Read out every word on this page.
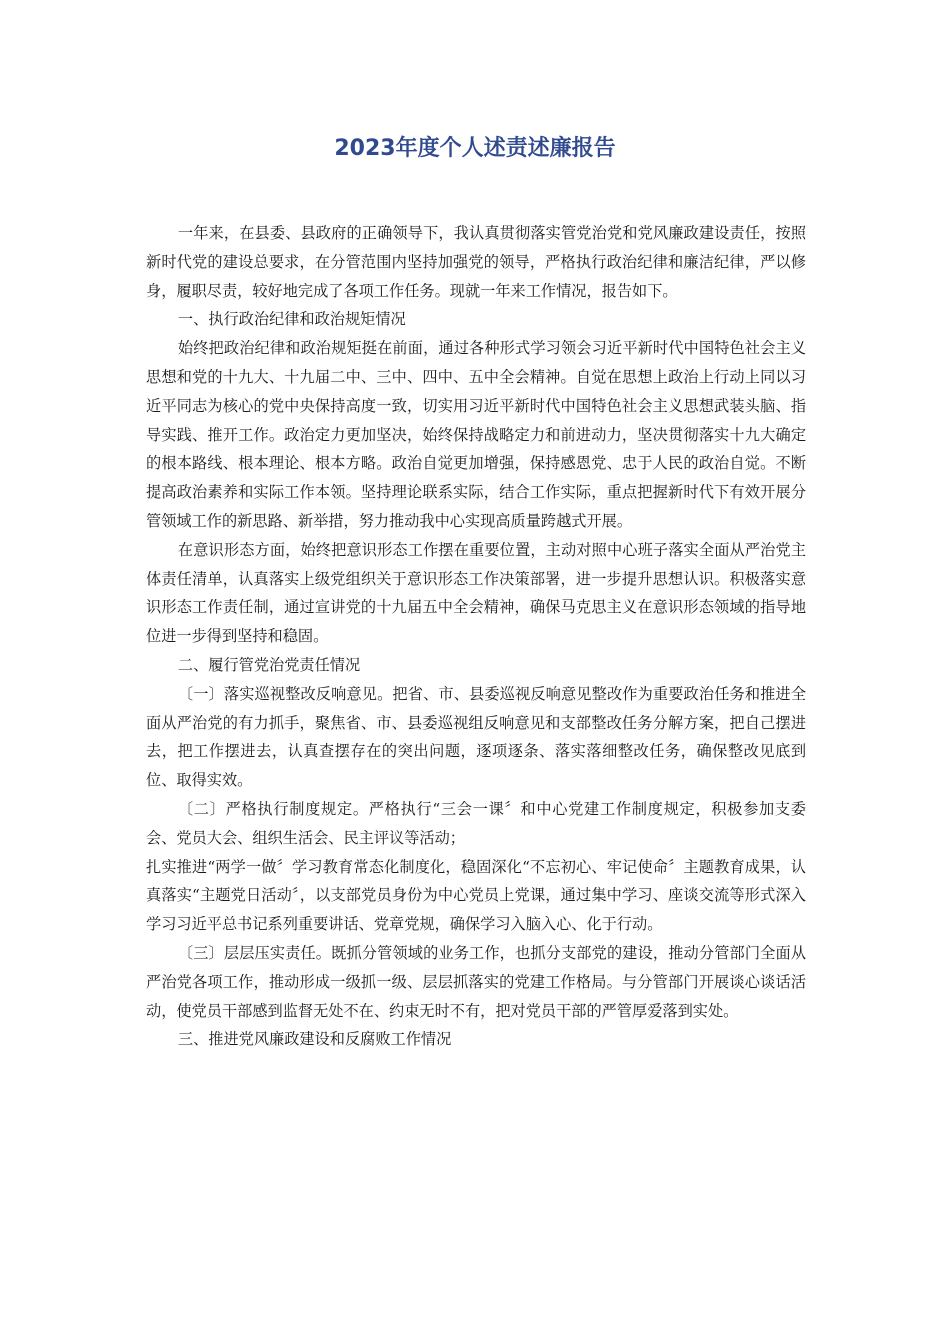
2023年度个人述责述廉报告

一年来，在县委、县政府的正确领导下，我认真贯彻落实管党治党和党风廉政建设责任，按照新时代党的建设总要求，在分管范围内坚持加强党的领导，严格执行政治纪律和廉洁纪律，严以修身，履职尽责，较好地完成了各项工作任务。现就一年来工作情况，报告如下。

一、执行政治纪律和政治规矩情况

始终把政治纪律和政治规矩挺在前面，通过各种形式学习领会习近平新时代中国特色社会主义思想和党的十九大、十九届二中、三中、四中、五中全会精神。自觉在思想上政治上行动上同以习近平同志为核心的党中央保持高度一致，切实用习近平新时代中国特色社会主义思想武装头脑、指导实践、推开工作。政治定力更加坚决，始终保持战略定力和前进动力，坚决贯彻落实十九大确定的根本路线、根本理论、根本方略。政治自觉更加增强，保持感恩党、忠于人民的政治自觉。不断提高政治素养和实际工作本领。坚持理论联系实际，结合工作实际，重点把握新时代下有效开展分管领域工作的新思路、新举措，努力推动我中心实现高质量跨越式开展。

在意识形态方面，始终把意识形态工作摆在重要位置，主动对照中心班子落实全面从严治党主体责任清单，认真落实上级党组织关于意识形态工作决策部署，进一步提升思想认识。积极落实意识形态工作责任制，通过宣讲党的十九届五中全会精神，确保马克思主义在意识形态领域的指导地位进一步得到坚持和稳固。

二、履行管党治党责任情况

〔一〕落实巡视整改反响意见。把省、市、县委巡视反响意见整改作为重要政治任务和推进全面从严治党的有力抓手，聚焦省、市、县委巡视组反响意见和支部整改任务分解方案，把自己摆进去，把工作摆进去，认真查摆存在的突出问题，逐项逐条、落实落细整改任务，确保整改见底到位、取得实效。

〔二〕严格执行制度规定。严格执行“三会一课〞和中心党建工作制度规定，积极参加支委会、党员大会、组织生活会、民主评议等活动；

扎实推进“两学一做〞学习教育常态化制度化，稳固深化“不忘初心、牢记使命〞主题教育成果，认真落实“主题党日活动〞，以支部党员身份为中心党员上党课，通过集中学习、座谈交流等形式深入学习习近平总书记系列重要讲话、党章党规，确保学习入脑入心、化于行动。

〔三〕层层压实责任。既抓分管领域的业务工作，也抓分支部党的建设，推动分管部门全面从严治党各项工作，推动形成一级抓一级、层层抓落实的党建工作格局。与分管部门开展谈心谈话活动，使党员干部感到监督无处不在、约束无时不有，把对党员干部的严管厚爱落到实处。

三、推进党风廉政建设和反腐败工作情况
